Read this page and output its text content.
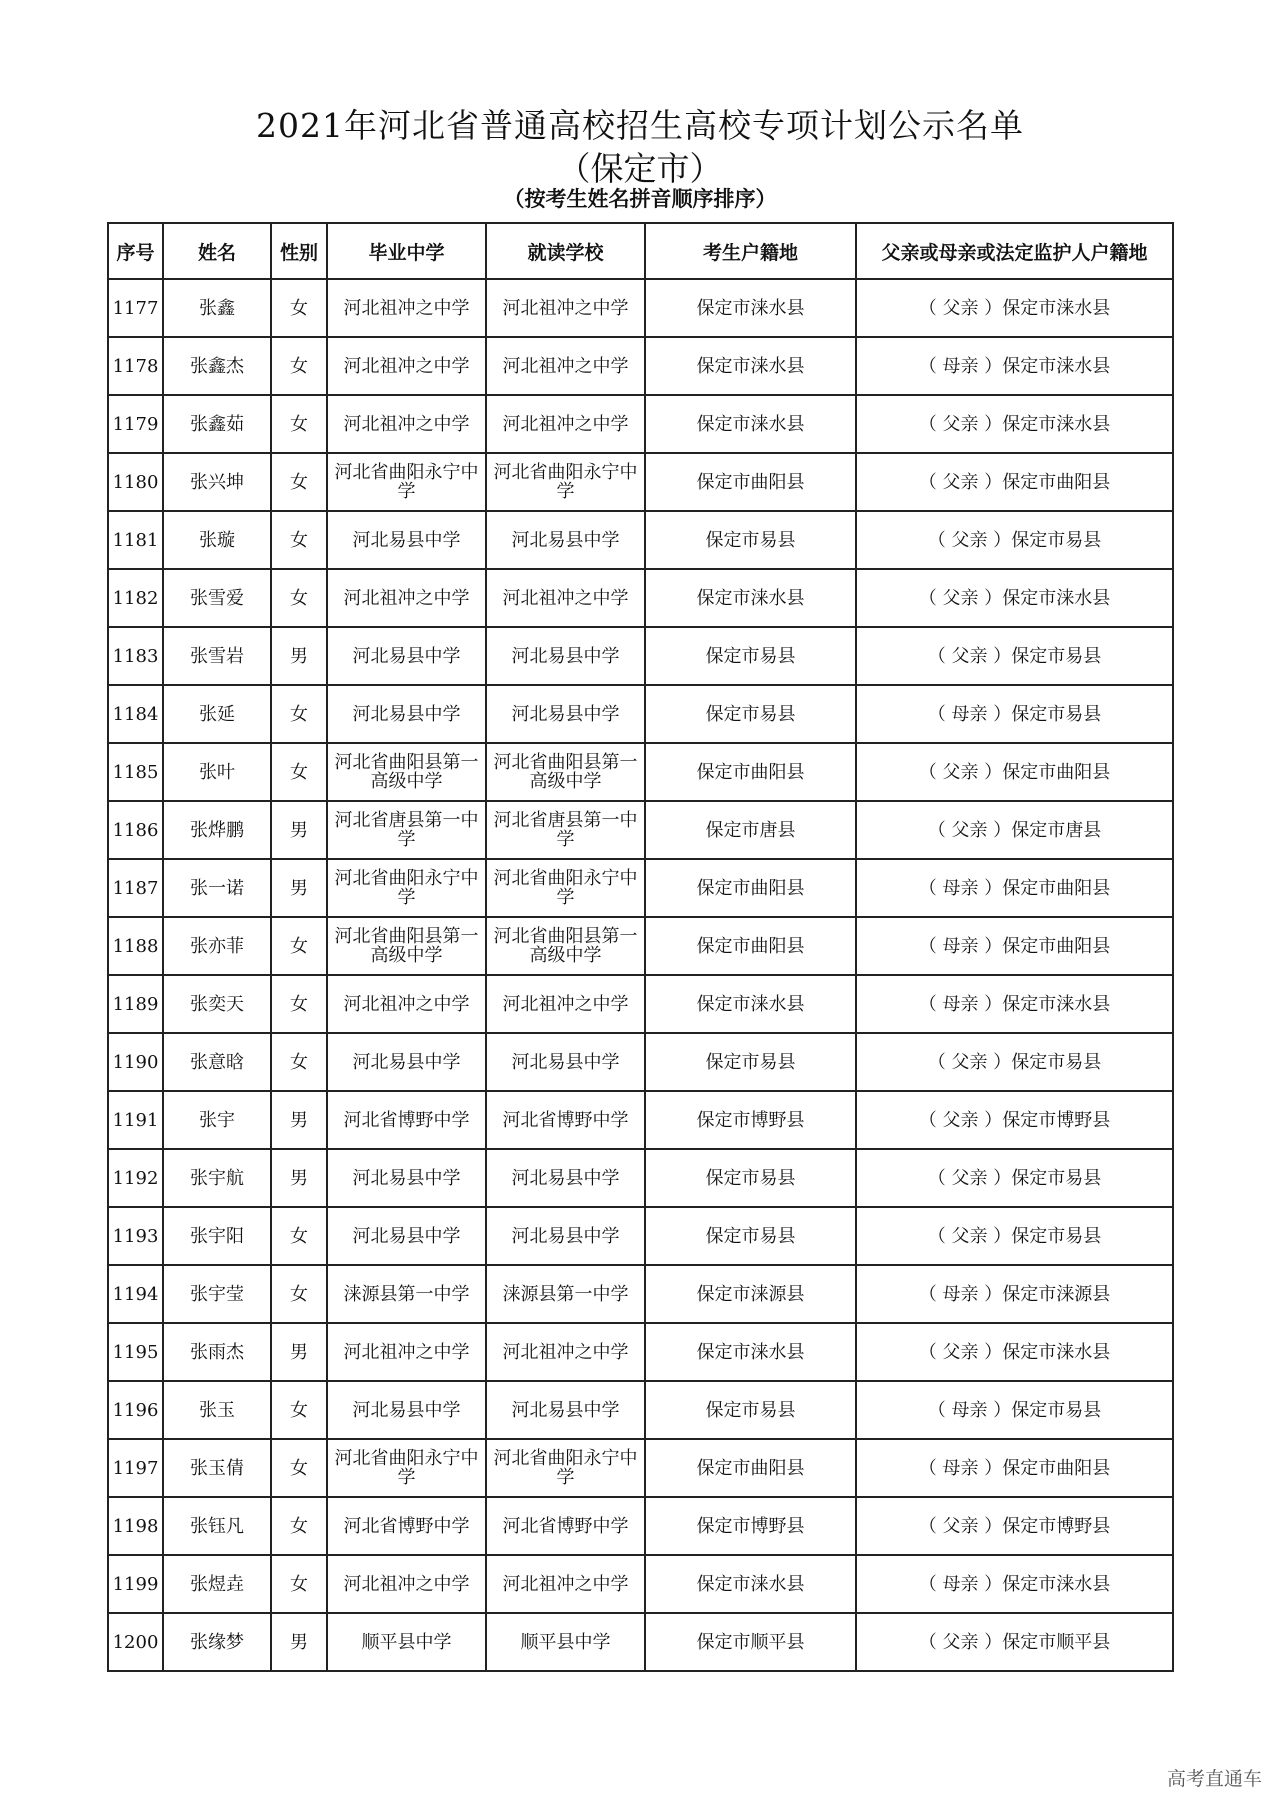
2021年河北省普通高校招生高校专项计划公示名单
（保定市）
（按考生姓名拼音顺序排序）
序号	姓名	性别	毕业中学	就读学校	考生户籍地	父亲或母亲或法定监护人户籍地
1177	张鑫	女	河北祖冲之中学	河北祖冲之中学	保定市涞水县	（ 父亲 ）保定市涞水县
1178	张鑫杰	女	河北祖冲之中学	河北祖冲之中学	保定市涞水县	（ 母亲 ）保定市涞水县
1179	张鑫茹	女	河北祖冲之中学	河北祖冲之中学	保定市涞水县	（ 父亲 ）保定市涞水县
1180	张兴坤	女	河北省曲阳永宁中学	河北省曲阳永宁中学	保定市曲阳县	（ 父亲 ）保定市曲阳县
1181	张璇	女	河北易县中学	河北易县中学	保定市易县	（ 父亲 ）保定市易县
1182	张雪爱	女	河北祖冲之中学	河北祖冲之中学	保定市涞水县	（ 父亲 ）保定市涞水县
1183	张雪岩	男	河北易县中学	河北易县中学	保定市易县	（ 父亲 ）保定市易县
1184	张延	女	河北易县中学	河北易县中学	保定市易县	（ 母亲 ）保定市易县
1185	张叶	女	河北省曲阳县第一高级中学	河北省曲阳县第一高级中学	保定市曲阳县	（ 父亲 ）保定市曲阳县
1186	张烨鹏	男	河北省唐县第一中学	河北省唐县第一中学	保定市唐县	（ 父亲 ）保定市唐县
1187	张一诺	男	河北省曲阳永宁中学	河北省曲阳永宁中学	保定市曲阳县	（ 母亲 ）保定市曲阳县
1188	张亦菲	女	河北省曲阳县第一高级中学	河北省曲阳县第一高级中学	保定市曲阳县	（ 母亲 ）保定市曲阳县
1189	张奕天	女	河北祖冲之中学	河北祖冲之中学	保定市涞水县	（ 母亲 ）保定市涞水县
1190	张意晗	女	河北易县中学	河北易县中学	保定市易县	（ 父亲 ）保定市易县
1191	张宇	男	河北省博野中学	河北省博野中学	保定市博野县	（ 父亲 ）保定市博野县
1192	张宇航	男	河北易县中学	河北易县中学	保定市易县	（ 父亲 ）保定市易县
1193	张宇阳	女	河北易县中学	河北易县中学	保定市易县	（ 父亲 ）保定市易县
1194	张宇莹	女	涞源县第一中学	涞源县第一中学	保定市涞源县	（ 母亲 ）保定市涞源县
1195	张雨杰	男	河北祖冲之中学	河北祖冲之中学	保定市涞水县	（ 父亲 ）保定市涞水县
1196	张玉	女	河北易县中学	河北易县中学	保定市易县	（ 母亲 ）保定市易县
1197	张玉倩	女	河北省曲阳永宁中学	河北省曲阳永宁中学	保定市曲阳县	（ 母亲 ）保定市曲阳县
1198	张钰凡	女	河北省博野中学	河北省博野中学	保定市博野县	（ 父亲 ）保定市博野县
1199	张煜垚	女	河北祖冲之中学	河北祖冲之中学	保定市涞水县	（ 母亲 ）保定市涞水县
1200	张缘梦	男	顺平县中学	顺平县中学	保定市顺平县	（ 父亲 ）保定市顺平县
高考直通车
